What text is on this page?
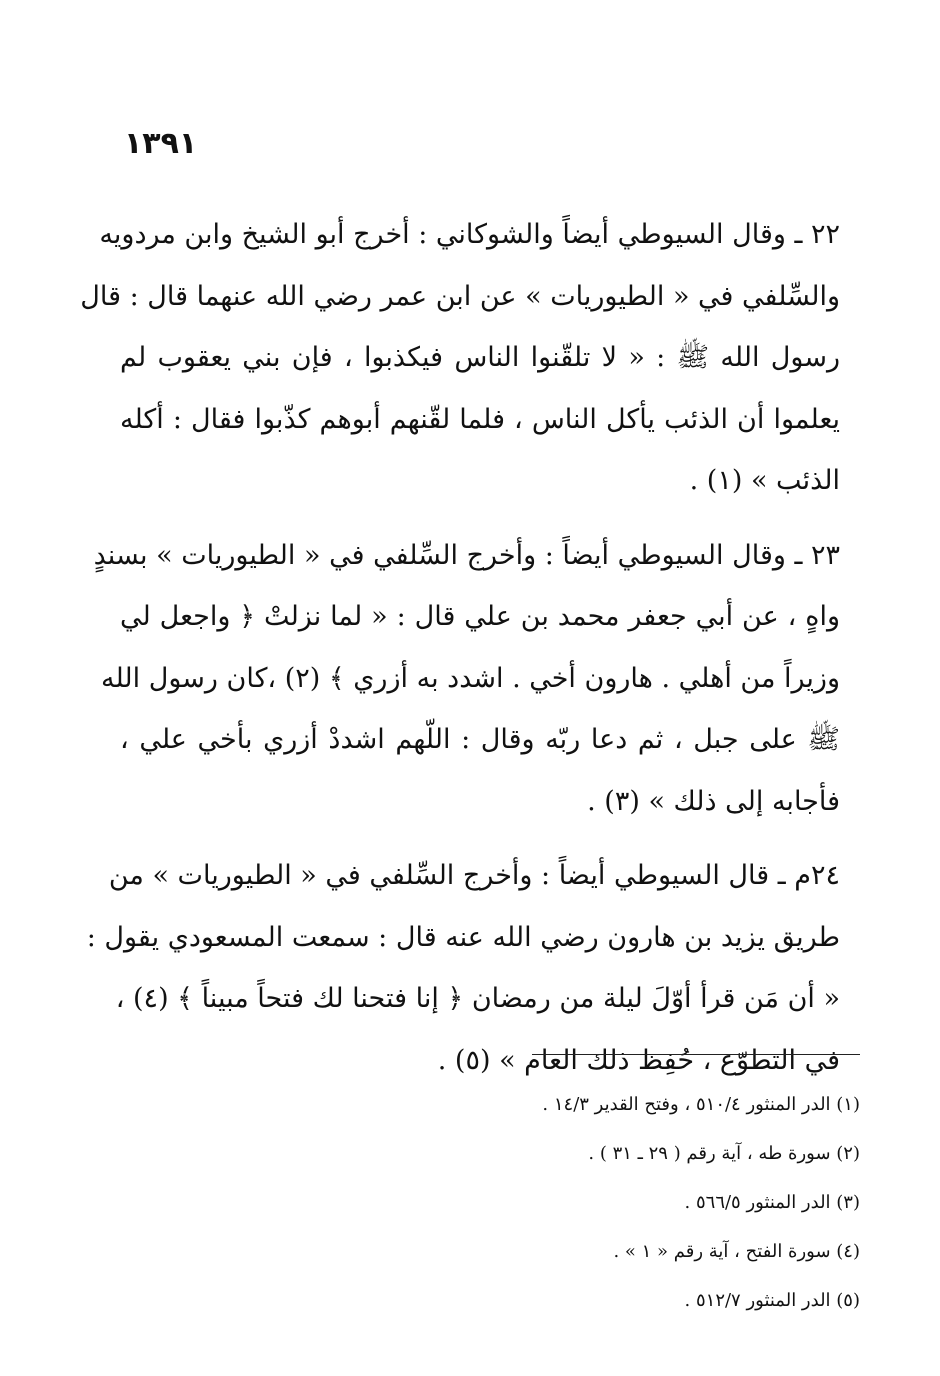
١٣٩١
٢٢ ـ وقال السيوطي أيضاً والشوكاني : أخرج أبو الشيخ وابن مردويه
والسِّلفي في « الطيوريات » عن ابن عمر رضي الله عنهما قال : قال
رسول الله ﷺ : « لا تلقّنوا الناس فيكذبوا ، فإن بني يعقوب لم
يعلموا أن الذئب يأكل الناس ، فلما لقّنهم أبوهم كذّبوا فقال : أكله
الذئب » (١) .
٢٣ ـ وقال السيوطي أيضاً : وأخرج السِّلفي في « الطيوريات » بسندٍ
واهٍ ، عن أبي جعفر محمد بن علي قال : « لما نزلتْ ﴿ واجعل لي
وزيراً من أهلي . هارون أخي . اشدد به أزري ﴾ (٢) ،كان رسول الله
ﷺ على جبل ، ثم دعا ربّه وقال : اللّهم اشددْ أزري بأخي علي ،
فأجابه إلى ذلك » (٣) .
٢٤م ـ قال السيوطي أيضاً : وأخرج السِّلفي في « الطيوريات » من
طريق يزيد بن هارون رضي الله عنه قال : سمعت المسعودي يقول :
« أن مَن قرأ أوّلَ ليلة من رمضان ﴿ إنا فتحنا لك فتحاً مبيناً ﴾ (٤) ،
في التطوّع ، حُفِظ ذلك العام » (٥) .
(١) الدر المنثور ٥١٠/٤ ، وفتح القدير ١٤/٣ .
(٢) سورة طه ، آية رقم ( ٢٩ ـ ٣١ ) .
(٣) الدر المنثور ٥٦٦/٥ .
(٤) سورة الفتح ، آية رقم « ١ » .
(٥) الدر المنثور ٥١٢/٧ .
